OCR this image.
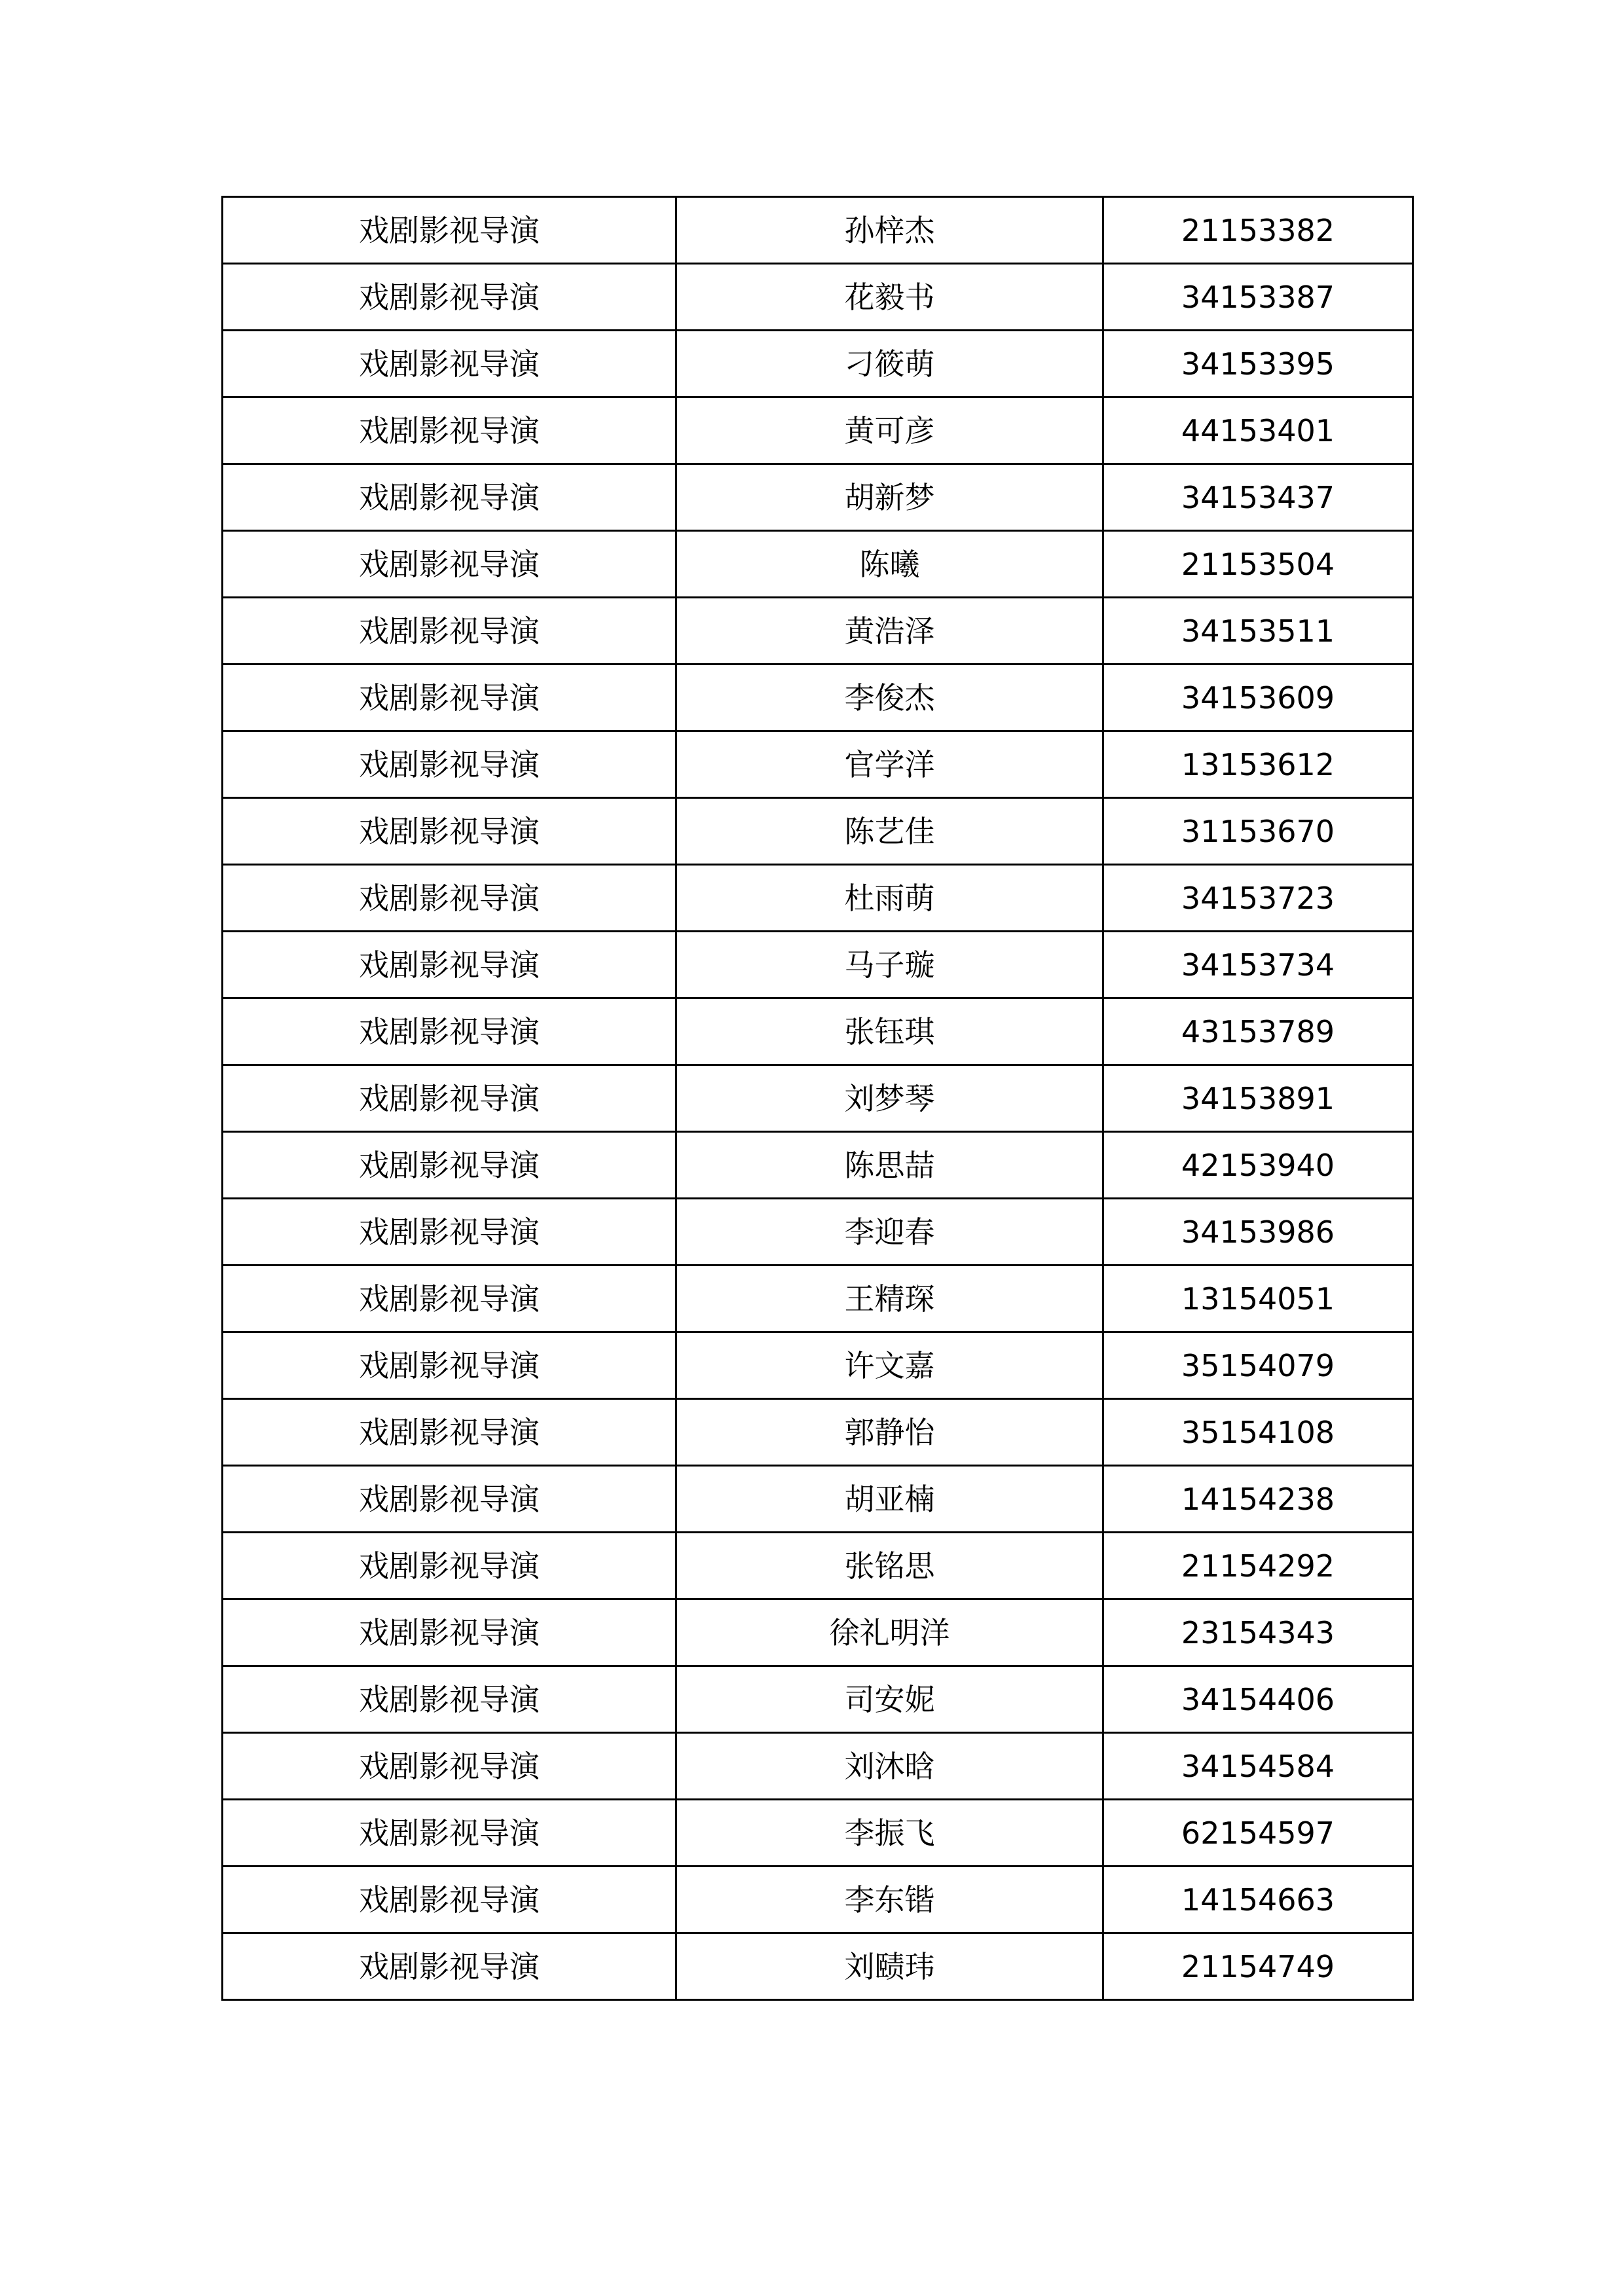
戏剧影视导演	孙梓杰	21153382
戏剧影视导演	花毅书	34153387
戏剧影视导演	刁筱萌	34153395
戏剧影视导演	黄可彦	44153401
戏剧影视导演	胡新梦	34153437
戏剧影视导演	陈曦	21153504
戏剧影视导演	黄浩泽	34153511
戏剧影视导演	李俊杰	34153609
戏剧影视导演	官学洋	13153612
戏剧影视导演	陈艺佳	31153670
戏剧影视导演	杜雨萌	34153723
戏剧影视导演	马子璇	34153734
戏剧影视导演	张钰琪	43153789
戏剧影视导演	刘梦琴	34153891
戏剧影视导演	陈思喆	42153940
戏剧影视导演	李迎春	34153986
戏剧影视导演	王精琛	13154051
戏剧影视导演	许文嘉	35154079
戏剧影视导演	郭静怡	35154108
戏剧影视导演	胡亚楠	14154238
戏剧影视导演	张铭思	21154292
戏剧影视导演	徐礼明洋	23154343
戏剧影视导演	司安妮	34154406
戏剧影视导演	刘沐晗	34154584
戏剧影视导演	李振飞	62154597
戏剧影视导演	李东锴	14154663
戏剧影视导演	刘赜玮	21154749
